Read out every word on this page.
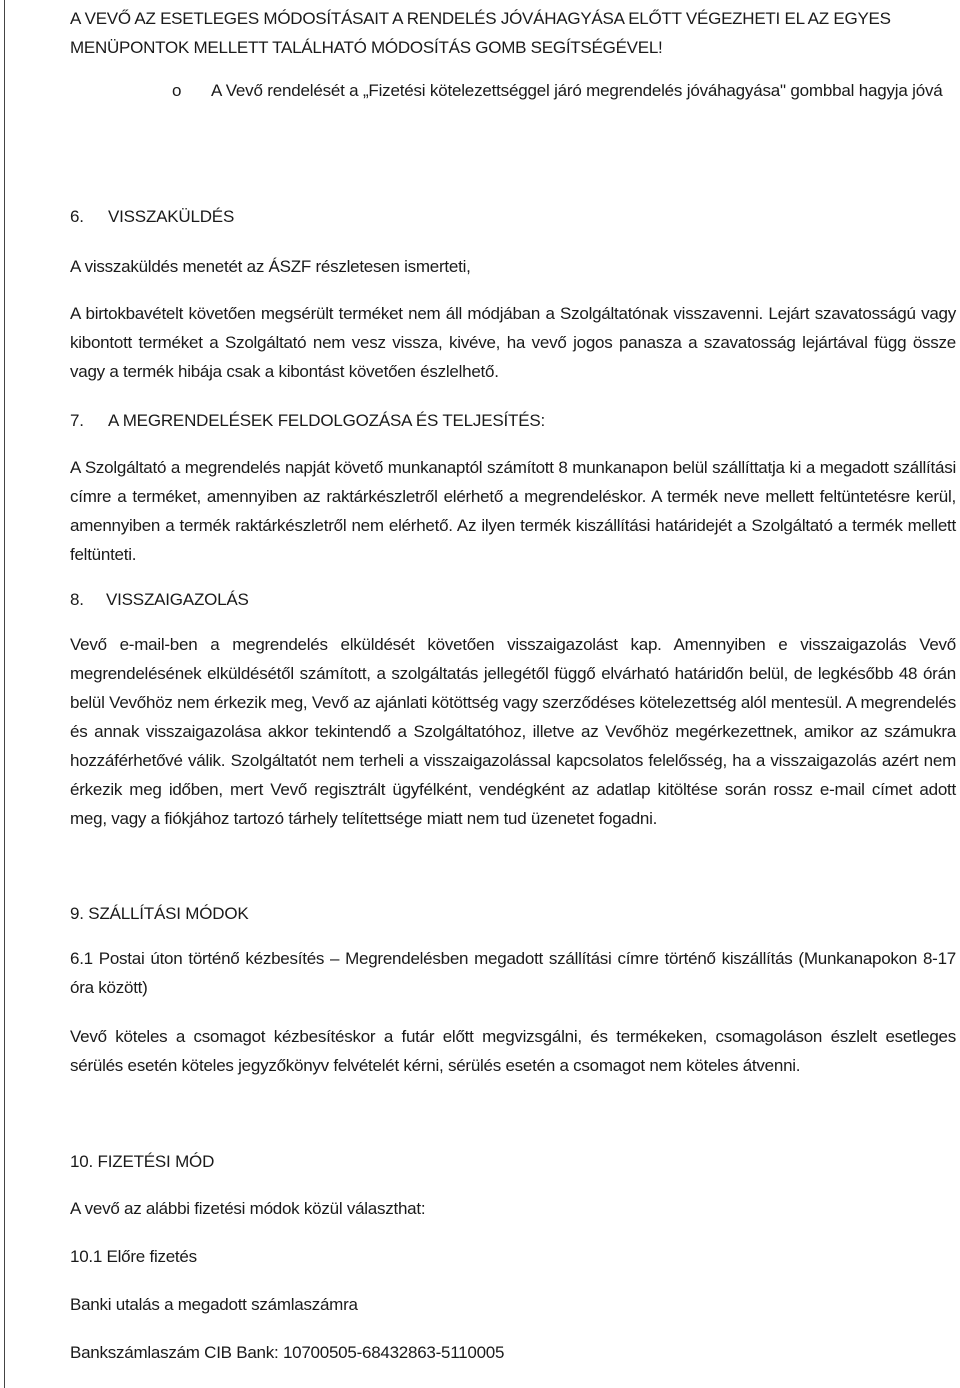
A VEVŐ AZ ESETLEGES MÓDOSÍTÁSAIT A RENDELÉS JÓVÁHAGYÁSA ELŐTT VÉGEZHETI EL AZ EGYES
MENÜPONTOK MELLETT TALÁLHATÓ MÓDOSÍTÁS GOMB SEGÍTSÉGÉVEL!

o A Vevő rendelését a „Fizetési kötelezettséggel járó megrendelés jóváhagyása" gombbal hagyja jóvá

6. VISSZAKÜLDÉS

A visszaküldés menetét az ÁSZF részletesen ismerteti,

A birtokbavételt követően megsérült terméket nem áll módjában a Szolgáltatónak visszavenni. Lejárt szavatosságú vagy kibontott terméket a Szolgáltató nem vesz vissza, kivéve, ha vevő jogos panasza a szavatosság lejártával függ össze vagy a termék hibája csak a kibontást követően észlelhető.

7. A MEGRENDELÉSEK FELDOLGOZÁSA ÉS TELJESÍTÉS:

A Szolgáltató a megrendelés napját követő munkanaptól számított 8 munkanapon belül szállíttatja ki a megadott szállítási címre a terméket, amennyiben az raktárkészletről elérhető a megrendeléskor. A termék neve mellett feltüntetésre kerül, amennyiben a termék raktárkészletről nem elérhető. Az ilyen termék kiszállítási határidejét a Szolgáltató a termék mellett feltünteti.

8. VISSZAIGAZOLÁS

Vevő e-mail-ben a megrendelés elküldését követően visszaigazolást kap. Amennyiben e visszaigazolás Vevő megrendelésének elküldésétől számított, a szolgáltatás jellegétől függő elvárható határidőn belül, de legkésőbb 48 órán belül Vevőhöz nem érkezik meg, Vevő az ajánlati kötöttség vagy szerződéses kötelezettség alól mentesül. A megrendelés és annak visszaigazolása akkor tekintendő a Szolgáltatóhoz, illetve az Vevőhöz megérkezettnek, amikor az számukra hozzáférhetővé válik. Szolgáltatót nem terheli a visszaigazolással kapcsolatos felelősség, ha a visszaigazolás azért nem érkezik meg időben, mert Vevő regisztrált ügyfélként, vendégként az adatlap kitöltése során rossz e-mail címet adott meg, vagy a fiókjához tartozó tárhely telítettsége miatt nem tud üzenetet fogadni.

9. SZÁLLÍTÁSI MÓDOK

6.1 Postai úton történő kézbesítés – Megrendelésben megadott szállítási címre történő kiszállítás (Munkanapokon 8-17 óra között)

Vevő köteles a csomagot kézbesítéskor a futár előtt megvizsgálni, és termékeken, csomagoláson észlelt esetleges sérülés esetén köteles jegyzőkönyv felvételét kérni, sérülés esetén a csomagot nem köteles átvenni.

10. FIZETÉSI MÓD

A vevő az alábbi fizetési módok közül választhat:

10.1 Előre fizetés

Banki utalás a megadott számlaszámra

Bankszámlaszám CIB Bank: 10700505-68432863-5110005
